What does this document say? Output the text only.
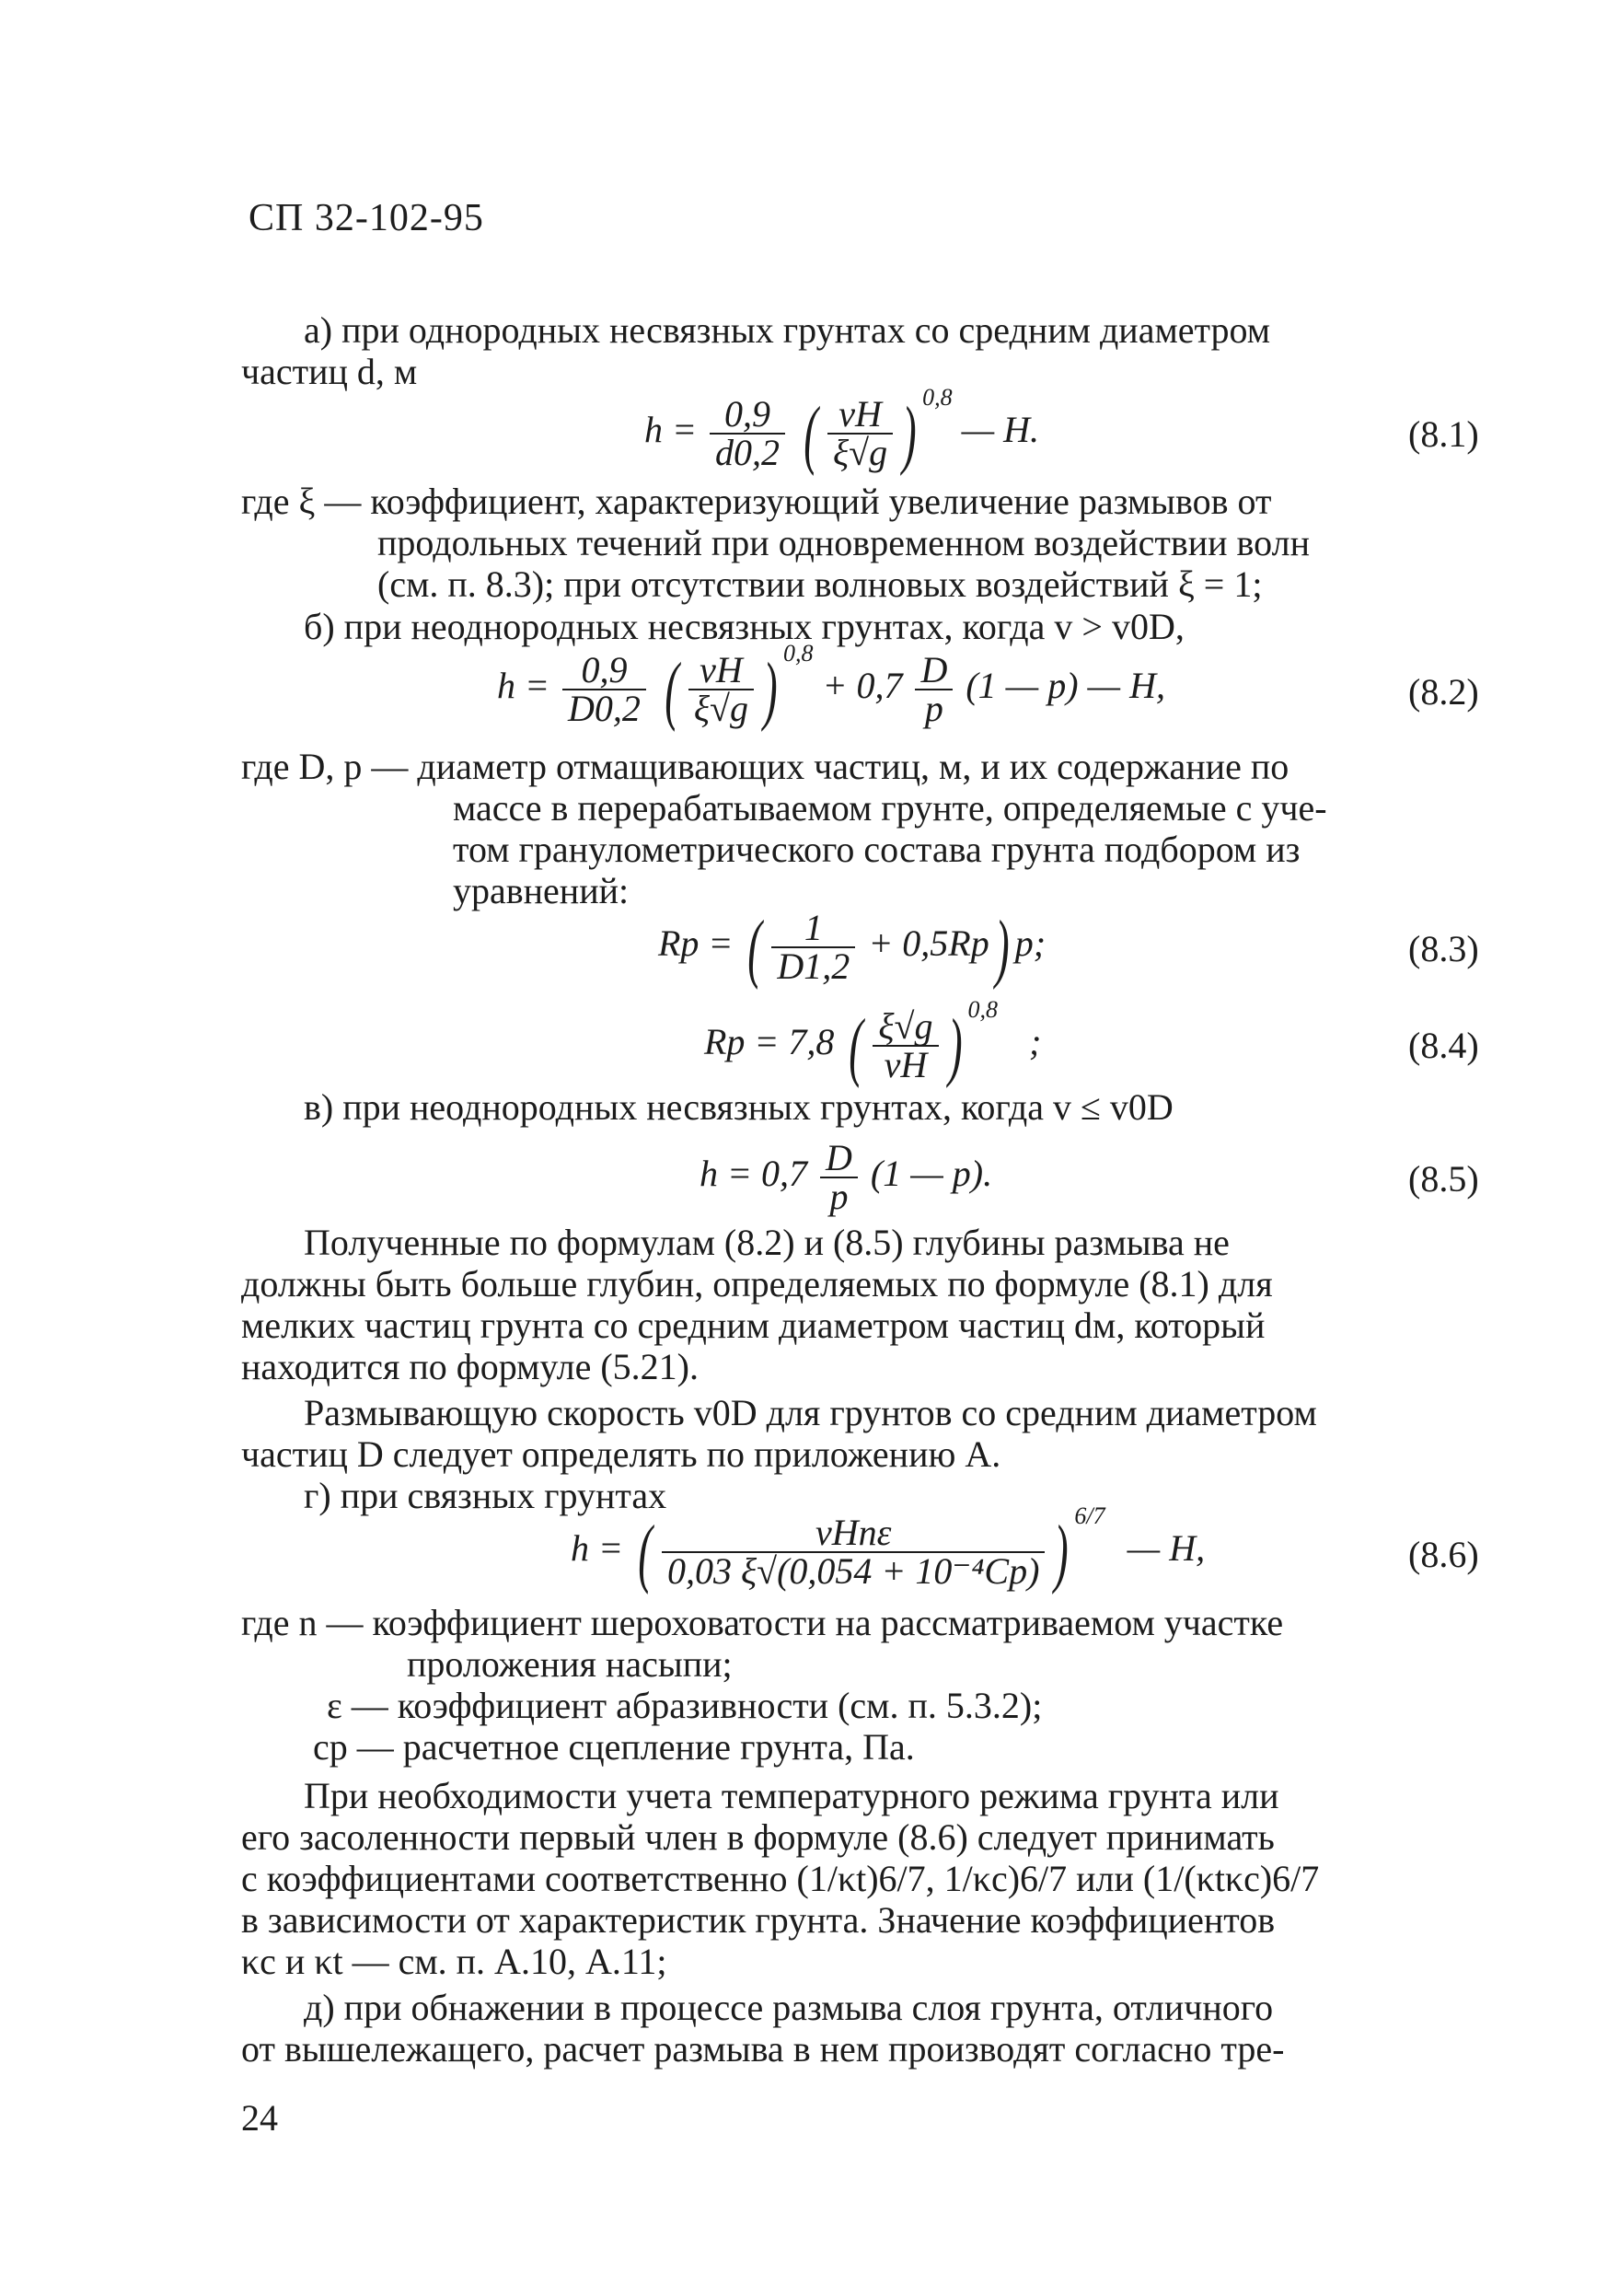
СП 32-102-95
а) при однородных несвязных грунтах со средним диаметром
частиц d, м
$h = \frac{0,9}{d0,2}$ ( $\frac{vH}{\xi√g}$ ) $^{0,8}$ — H.	(8.1)
где ξ — коэффициент, характеризующий увеличение размывов от
продольных течений при одновременном воздействии волн
(см. п. 8.3); при отсутствии волновых воздействий ξ = 1;
б) при неоднородных несвязных грунтах, когда v > v0D,
$h = \frac{0,9}{D0,2}$ ( $\frac{vH}{\xi√g}$ ) $^{0,8} + 0,7 \frac{D}{p} (1$ — p) — H,	(8.2)
где D, p — диаметр отмащивающих частиц, м, и их содержание по
массе в перерабатываемом грунте, определяемые с уче-
том гранулометрического состава грунта подбором из
уравнений:
Rp = ( $\frac{1}{D1,2} + 0,5Rp$) p;	(8.3)
Rp = 7,8 ( $\frac{\xi√g}{vH}$ ) $^{0,8}$ ;	(8.4)
в) при неоднородных несвязных грунтах, когда v ≤ v0D
$h = 0,7 \frac{D}{p} (1$ — p).	(8.5)
Полученные по формулам (8.2) и (8.5) глубины размыва не
должны быть больше глубин, определяемых по формуле (8.1) для
мелких частиц грунта со средним диаметром частиц dм, который
находится по формуле (5.21).
Размывающую скорость v0D для грунтов со средним диаметром
частиц D следует определять по приложению А.
г) при связных грунтах
h = ( $\frac{\text{vHnε}}{\text{0,03 ξ√(0,054 + 10⁻⁴Cp)}}$ ) $^{6/7}$ — H,	(8.6)
где n — коэффициент шероховатости на рассматриваемом участке
проложения насыпи;
ε — коэффициент абразивности (см. п. 5.3.2);
cp — расчетное сцепление грунта, Па.
При необходимости учета температурного режима грунта или
его засоленности первый член в формуле (8.6) следует принимать
с коэффициентами соответственно (1/κt)6/7, 1/κc)6/7 или (1/(κtκc)6/7
в зависимости от характеристик грунта. Значение коэффициентов
κc и κt — см. п. А.10, А.11;
д) при обнажении в процессе размыва слоя грунта, отличного
от вышележащего, расчет размыва в нем производят согласно тре-
24
